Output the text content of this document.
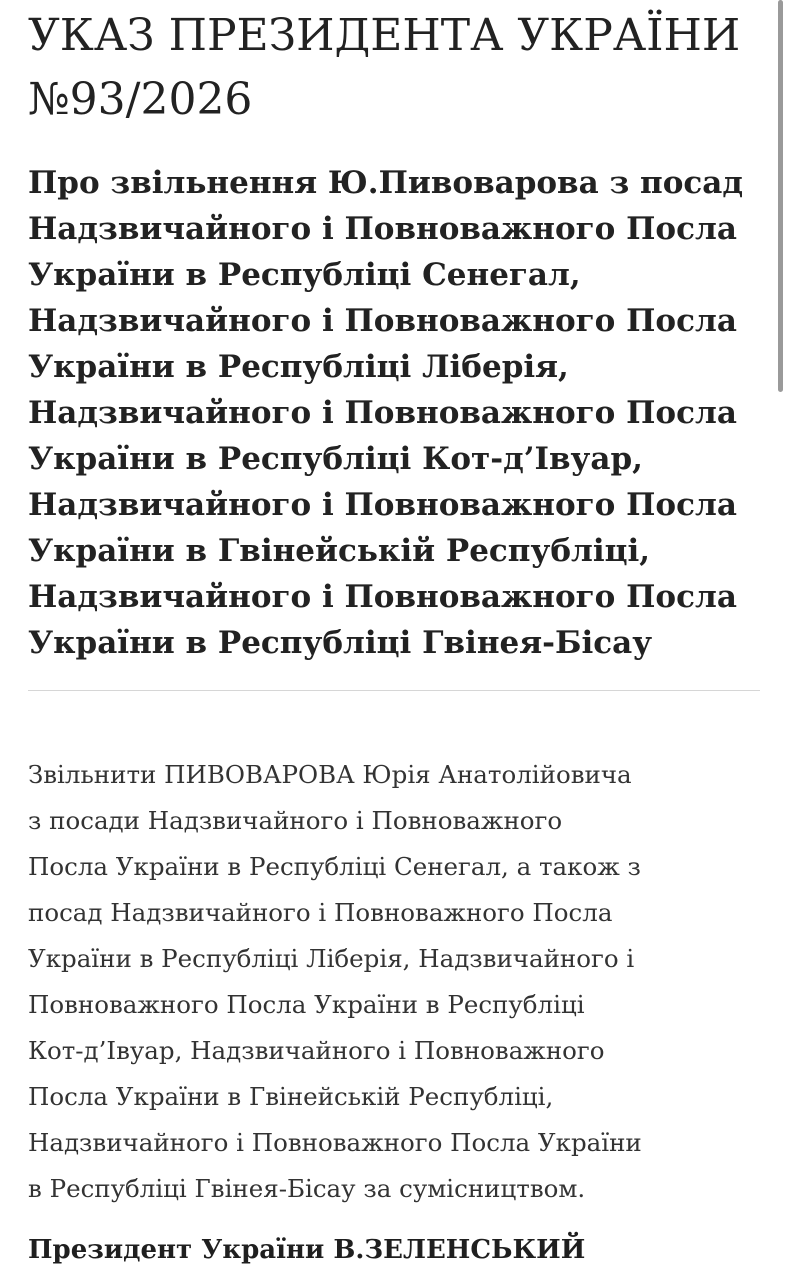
УКАЗ ПРЕЗИДЕНТА УКРАЇНИ
№93/2026
Про звільнення Ю.Пивоварова з посад
Надзвичайного і Повноважного Посла
України в Республіці Сенегал,
Надзвичайного і Повноважного Посла
України в Республіці Ліберія,
Надзвичайного і Повноважного Посла
України в Республіці Кот-д’Івуар,
Надзвичайного і Повноважного Посла
України в Гвінейській Республіці,
Надзвичайного і Повноважного Посла
України в Республіці Гвінея-Бісау

Звільнити ПИВОВАРОВА Юрія Анатолійовича
з посади Надзвичайного і Повноважного
Посла України в Республіці Сенегал, а також з
посад Надзвичайного і Повноважного Посла
України в Республіці Ліберія, Надзвичайного і
Повноважного Посла України в Республіці
Кот-д’Івуар, Надзвичайного і Повноважного
Посла України в Гвінейській Республіці,
Надзвичайного і Повноважного Посла України
в Республіці Гвінея-Бісау за сумісництвом.

Президент України В.ЗЕЛЕНСЬКИЙ
